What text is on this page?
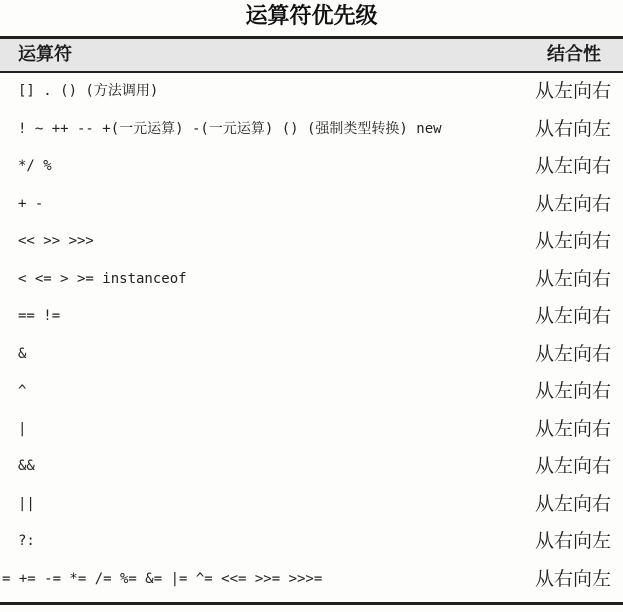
运算符优先级
运算符	结合性
[] . () (方法调用)	从左向右
! ~ ++ -- +(一元运算) -(一元运算) () (强制类型转换) new	从右向左
*/ %	从左向右
+ -	从左向右
<< >> >>>	从左向右
< <= > >= instanceof	从左向右
== !=	从左向右
&	从左向右
^	从左向右
|	从左向右
&&	从左向右
||	从左向右
?:	从右向左
= += -= *= /= %= &= |= ^= <<= >>= >>>=	从右向左
